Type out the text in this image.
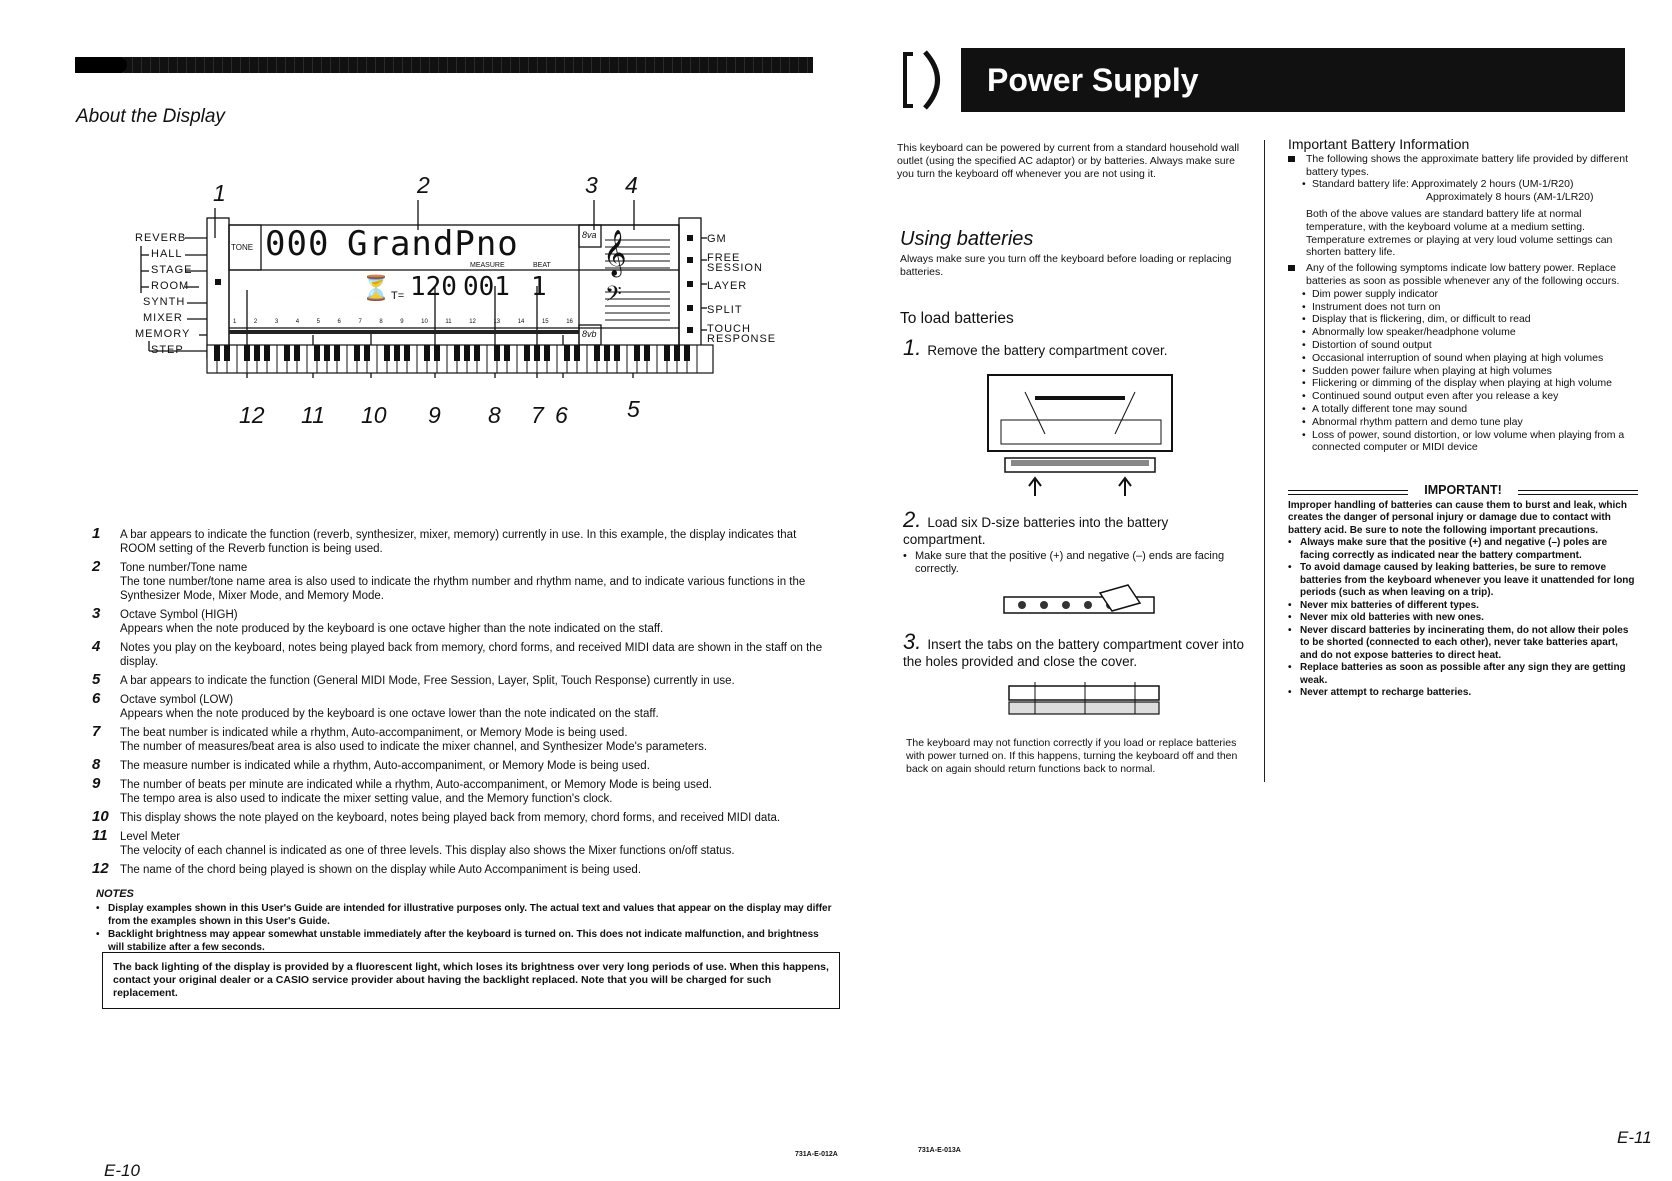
About the Display
1	2	3 4
REVERB
HALL
STAGE
ROOM
SYNTH
MIXER
MEMORY
STEP
GM
FREE SESSION
LAYER
SPLIT
TOUCH RESPONSE
TONE 000 GrandPno
⏳ T= 120
MEASURE	BEAT
001 1
8va
8vb
𝄞
𝄢
1	2	3	4	5	6	7	8	9	10	11	12	13	14	15	16
12 11 10 9 8 7 6	5
1 A bar appears to indicate the function (reverb, synthesizer, mixer, memory) currently in use. In this example, the display indicates that ROOM setting of the Reverb function is being used.
2 Tone number/Tone name
The tone number/tone name area is also used to indicate the rhythm number and rhythm name, and to indicate various functions in the Synthesizer Mode, Mixer Mode, and Memory Mode.
3 Octave Symbol (HIGH)
Appears when the note produced by the keyboard is one octave higher than the note indicated on the staff.
4 Notes you play on the keyboard, notes being played back from memory, chord forms, and received MIDI data are shown in the staff on the display.
5 A bar appears to indicate the function (General MIDI Mode, Free Session, Layer, Split, Touch Response) currently in use.
6 Octave symbol (LOW)
Appears when the note produced by the keyboard is one octave lower than the note indicated on the staff.
7 The beat number is indicated while a rhythm, Auto-accompaniment, or Memory Mode is being used.
The number of measures/beat area is also used to indicate the mixer channel, and Synthesizer Mode's parameters.
8 The measure number is indicated while a rhythm, Auto-accompaniment, or Memory Mode is being used.
9 The number of beats per minute are indicated while a rhythm, Auto-accompaniment, or Memory Mode is being used.
The tempo area is also used to indicate the mixer setting value, and the Memory function's clock.
10 This display shows the note played on the keyboard, notes being played back from memory, chord forms, and received MIDI data.
11 Level Meter
The velocity of each channel is indicated as one of three levels. This display also shows the Mixer functions on/off status.
12 The name of the chord being played is shown on the display while Auto Accompaniment is being used.
NOTES
• Display examples shown in this User's Guide are intended for illustrative purposes only. The actual text and values that appear on the display may differ from the examples shown in this User's Guide.
• Backlight brightness may appear somewhat unstable immediately after the keyboard is turned on. This does not indicate malfunction, and brightness will stabilize after a few seconds.
The back lighting of the display is provided by a fluorescent light, which loses its brightness over very long periods of use. When this happens, contact your original dealer or a CASIO service provider about having the backlight replaced. Note that you will be charged for such replacement.
731A-E-012A
E-10
Power Supply
This keyboard can be powered by current from a standard household wall outlet (using the specified AC adaptor) or by batteries. Always make sure you turn the keyboard off whenever you are not using it.
Using batteries
Always make sure you turn off the keyboard before loading or replacing batteries.
To load batteries
1. Remove the battery compartment cover.
2. Load six D-size batteries into the battery compartment.
• Make sure that the positive (+) and negative (–) ends are facing correctly.
3. Insert the tabs on the battery compartment cover into the holes provided and close the cover.
The keyboard may not function correctly if you load or replace batteries with power turned on. If this happens, turning the keyboard off and then back on again should return functions back to normal.
Important Battery Information
The following shows the approximate battery life provided by different battery types.
• Standard battery life: Approximately 2 hours (UM-1/R20)
Approximately 8 hours (AM-1/LR20)
Both of the above values are standard battery life at normal temperature, with the keyboard volume at a medium setting. Temperature extremes or playing at very loud volume settings can shorten battery life.
Any of the following symptoms indicate low battery power. Replace batteries as soon as possible whenever any of the following occurs.
• Dim power supply indicator
• Instrument does not turn on
• Display that is flickering, dim, or difficult to read
• Abnormally low speaker/headphone volume
• Distortion of sound output
• Occasional interruption of sound when playing at high volumes
• Sudden power failure when playing at high volumes
• Flickering or dimming of the display when playing at high volume
• Continued sound output even after you release a key
• A totally different tone may sound
• Abnormal rhythm pattern and demo tune play
• Loss of power, sound distortion, or low volume when playing from a connected computer or MIDI device
IMPORTANT!
Improper handling of batteries can cause them to burst and leak, which creates the danger of personal injury or damage due to contact with battery acid. Be sure to note the following important precautions.
• Always make sure that the positive (+) and negative (–) poles are facing correctly as indicated near the battery compartment.
• To avoid damage caused by leaking batteries, be sure to remove batteries from the keyboard whenever you leave it unattended for long periods (such as when leaving on a trip).
• Never mix batteries of different types.
• Never mix old batteries with new ones.
• Never discard batteries by incinerating them, do not allow their poles to be shorted (connected to each other), never take batteries apart, and do not expose batteries to direct heat.
• Replace batteries as soon as possible after any sign they are getting weak.
• Never attempt to recharge batteries.
731A-E-013A
E-11
